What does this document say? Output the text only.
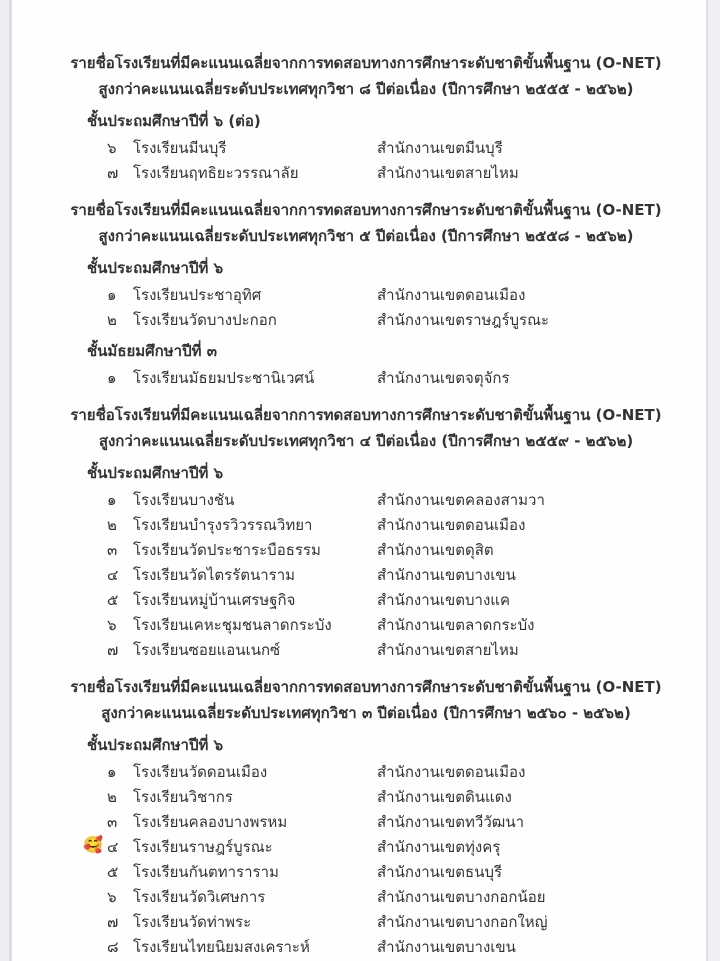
รายชื่อโรงเรียนที่มีคะแนนเฉลี่ยจากการทดสอบทางการศึกษาระดับชาติขั้นพื้นฐาน (O-NET)
สูงกว่าคะแนนเฉลี่ยระดับประเทศทุกวิชา ๘ ปีต่อเนื่อง (ปีการศึกษา ๒๕๕๕ - ๒๕๖๒)
ชั้นประถมศึกษาปีที่ ๖ (ต่อ)
๖	โรงเรียนมีนบุรี	สำนักงานเขตมีนบุรี
๗ โรงเรียนฤทธิยะวรรณาลัย	สำนักงานเขตสายไหม
รายชื่อโรงเรียนที่มีคะแนนเฉลี่ยจากการทดสอบทางการศึกษาระดับชาติขั้นพื้นฐาน (O-NET)
สูงกว่าคะแนนเฉลี่ยระดับประเทศทุกวิชา ๕ ปีต่อเนื่อง (ปีการศึกษา ๒๕๕๘ - ๒๕๖๒)
ชั้นประถมศึกษาปีที่ ๖
๑	โรงเรียนประชาอุทิศ	สำนักงานเขตดอนเมือง
๒	โรงเรียนวัดบางปะกอก	สำนักงานเขตราษฎร์บูรณะ
ชั้นมัธยมศึกษาปีที่ ๓
๑	โรงเรียนมัธยมประชานิเวศน์	สำนักงานเขตจตุจักร
รายชื่อโรงเรียนที่มีคะแนนเฉลี่ยจากการทดสอบทางการศึกษาระดับชาติขั้นพื้นฐาน (O-NET)
สูงกว่าคะแนนเฉลี่ยระดับประเทศทุกวิชา ๔ ปีต่อเนื่อง (ปีการศึกษา ๒๕๕๙ - ๒๕๖๒)
ชั้นประถมศึกษาปีที่ ๖
๑	โรงเรียนบางชัน	สำนักงานเขตคลองสามวา
๒	โรงเรียนบำรุงรวิวรรณวิทยา	สำนักงานเขตดอนเมือง
๓	โรงเรียนวัดประชาระบือธรรม	สำนักงานเขตดุสิต
๔ โรงเรียนวัดไตรรัตนาราม	สำนักงานเขตบางเขน
๕ โรงเรียนหมู่บ้านเศรษฐกิจ	สำนักงานเขตบางแค
๖	โรงเรียนเคหะชุมชนลาดกระบัง	สำนักงานเขตลาดกระบัง
๗ โรงเรียนซอยแอนเนกซ์	สำนักงานเขตสายไหม
รายชื่อโรงเรียนที่มีคะแนนเฉลี่ยจากการทดสอบทางการศึกษาระดับชาติขั้นพื้นฐาน (O-NET)
สูงกว่าคะแนนเฉลี่ยระดับประเทศทุกวิชา ๓ ปีต่อเนื่อง (ปีการศึกษา ๒๕๖๐ - ๒๕๖๒)
ชั้นประถมศึกษาปีที่ ๖
๑	โรงเรียนวัดดอนเมือง	สำนักงานเขตดอนเมือง
๒	โรงเรียนวิชากร	สำนักงานเขตดินแดง
๓	โรงเรียนคลองบางพรหม	สำนักงานเขตทวีวัฒนา
🥰 ๔ โรงเรียนราษฎร์บูรณะ	สำนักงานเขตทุ่งครุ
๕ โรงเรียนกันตทาราราม	สำนักงานเขตธนบุรี
๖	โรงเรียนวัดวิเศษการ	สำนักงานเขตบางกอกน้อย
๗ โรงเรียนวัดท่าพระ	สำนักงานเขตบางกอกใหญ่
๘ โรงเรียนไทยนิยมสงเคราะห์	สำนักงานเขตบางเขน
